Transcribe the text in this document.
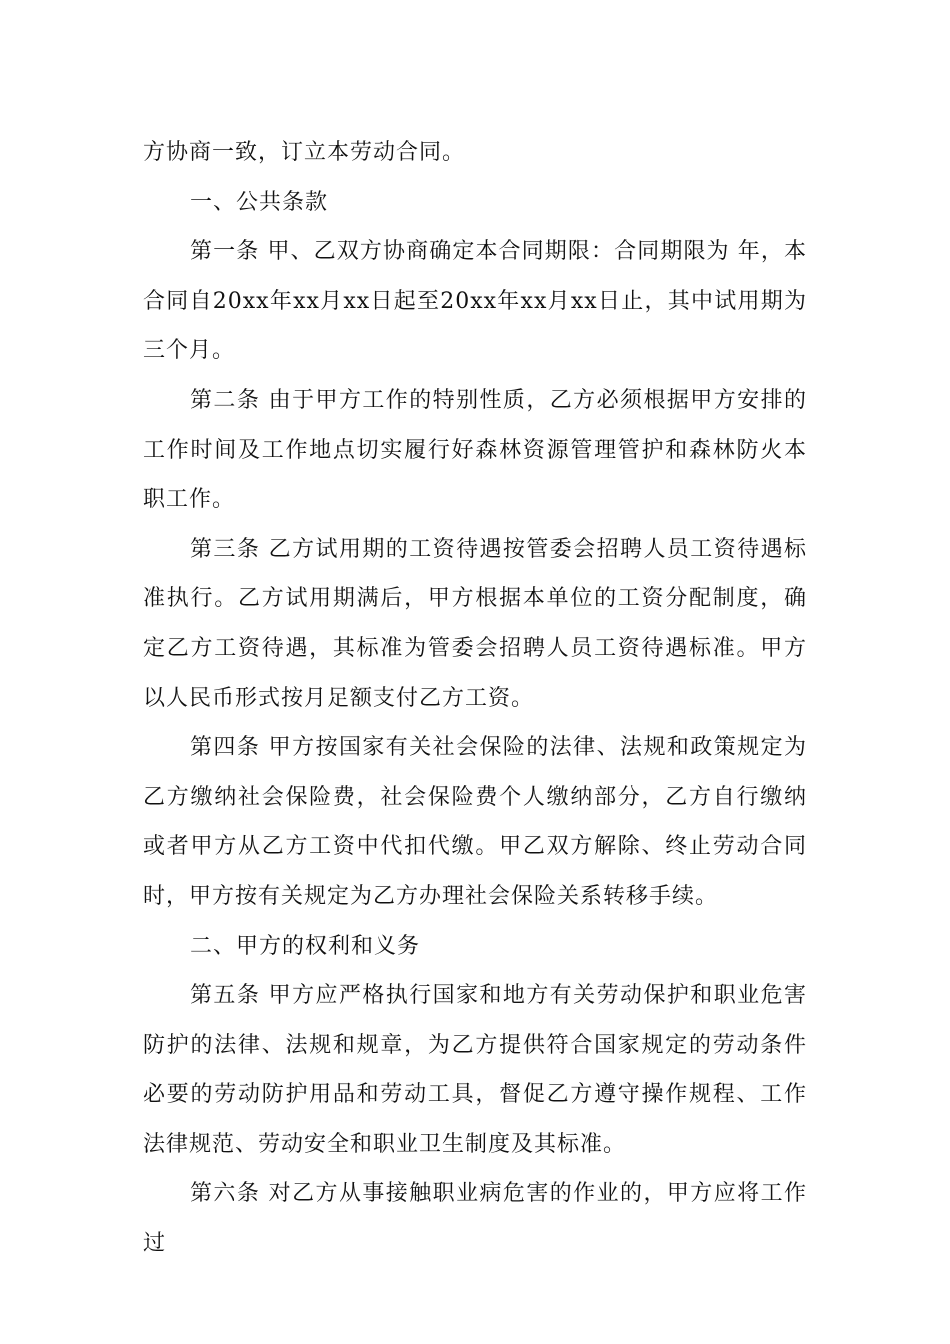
方协商一致，订立本劳动合同。

一、公共条款

第一条 甲、乙双方协商确定本合同期限：合同期限为 年，本合同自20xx年xx月xx日起至20xx年xx月xx日止，其中试用期为三个月。

第二条 由于甲方工作的特别性质，乙方必须根据甲方安排的工作时间及工作地点切实履行好森林资源管理管护和森林防火本职工作。

第三条 乙方试用期的工资待遇按管委会招聘人员工资待遇标准执行。乙方试用期满后，甲方根据本单位的工资分配制度，确定乙方工资待遇，其标准为管委会招聘人员工资待遇标准。甲方以人民币形式按月足额支付乙方工资。

第四条 甲方按国家有关社会保险的法律、法规和政策规定为乙方缴纳社会保险费，社会保险费个人缴纳部分，乙方自行缴纳或者甲方从乙方工资中代扣代缴。甲乙双方解除、终止劳动合同时，甲方按有关规定为乙方办理社会保险关系转移手续。

二、甲方的权利和义务

第五条 甲方应严格执行国家和地方有关劳动保护和职业危害防护的法律、法规和规章，为乙方提供符合国家规定的劳动条件必要的劳动防护用品和劳动工具，督促乙方遵守操作规程、工作法律规范、劳动安全和职业卫生制度及其标准。

第六条 对乙方从事接触职业病危害的作业的，甲方应将工作过
